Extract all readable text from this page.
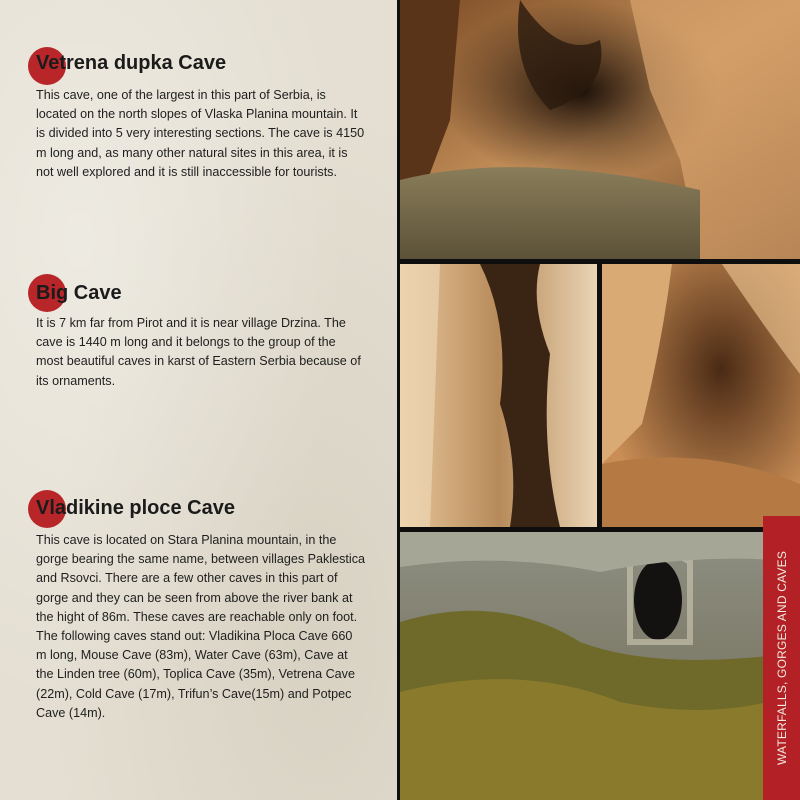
Vetrena dupka Cave

This cave, one of the largest in this part of Serbia, is located on the north slopes of Vlaska Planina mountain. It is divided into 5 very interesting sections. The cave is 4150 m long and, as many other natural sites in this area, it is not well explored and it is still inaccessible for tourists.

Big Cave

It is 7 km far from Pirot and it is near village Drzina. The cave is 1440 m long and it belongs to the group of the most beautiful caves in karst of Eastern Serbia because of its ornaments.

Vladikine ploce Cave

This cave is located on Stara Planina mountain, in the gorge bearing the same name, between villages Paklestica and Rsovci. There are a few other caves in this part of gorge and they can be seen from above the river bank at the hight of 86m. These caves are reachable only on foot. The following caves stand out: Vladikina Ploca Cave 660 m long, Mouse Cave (83m), Water Cave (63m), Cave at the Linden tree (60m), Toplica Cave (35m), Vetrena Cave (22m), Cold Cave (17m), Trifun’s Cave(15m) and Potpec Cave (14m).	WATERFALLS, GORGES AND CAVES
